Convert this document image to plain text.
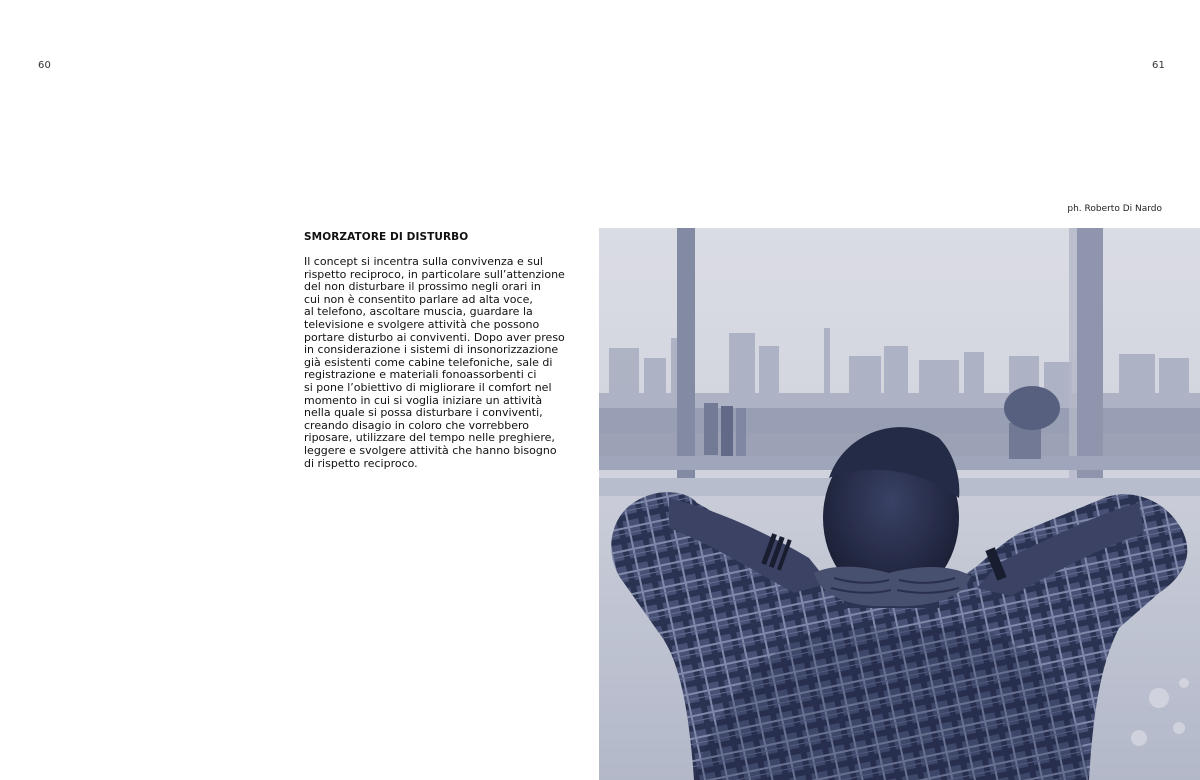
60	61
ph. Roberto Di Nardo
SMORZATORE DI DISTURBO

Il concept si incentra sulla convivenza e sul
rispetto reciproco, in particolare sull’attenzione
del non disturbare il prossimo negli orari in
cui non è consentito parlare ad alta voce,
al telefono, ascoltare muscia, guardare la
televisione e svolgere attività che possono
portare disturbo ai conviventi. Dopo aver preso
in considerazione i sistemi di insonorizzazione
già esistenti come cabine telefoniche, sale di
registrazione e materiali fonoassorbenti ci
si pone l’obiettivo di migliorare il comfort nel
momento in cui si voglia iniziare un attività
nella quale si possa disturbare i conviventi,
creando disagio in coloro che vorrebbero
riposare, utilizzare del tempo nelle preghiere,
leggere e svolgere attività che hanno bisogno
di rispetto reciproco.
